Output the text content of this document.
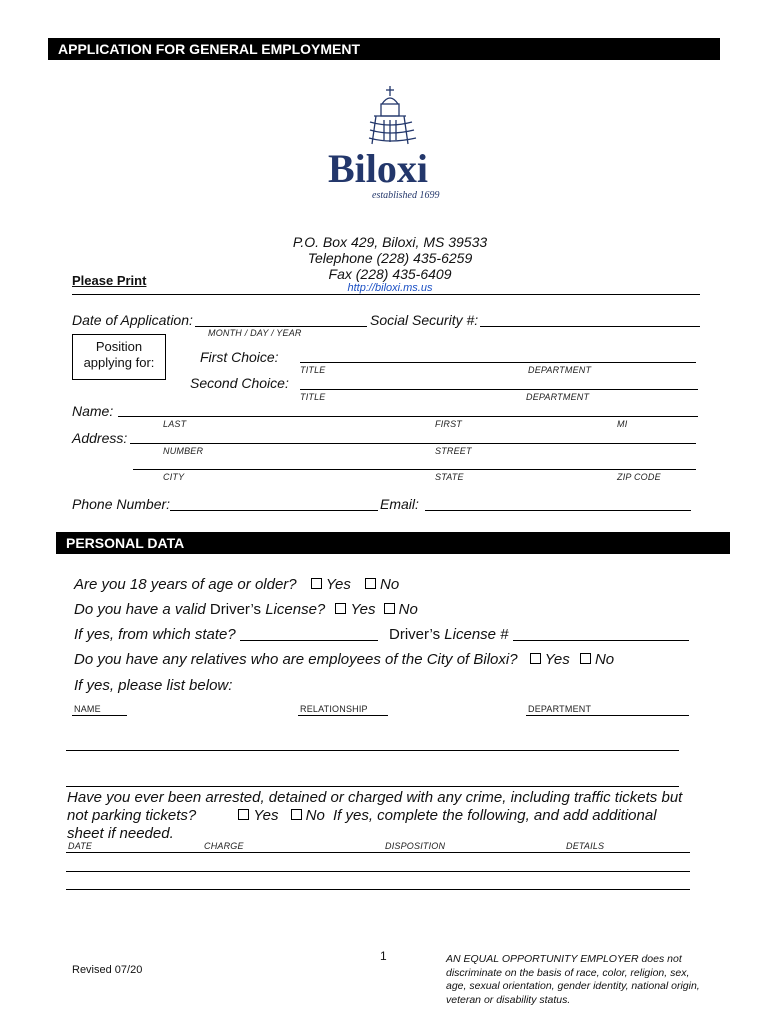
APPLICATION FOR GENERAL EMPLOYMENT
Biloxi
established 1699
P.O. Box 429, Biloxi, MS 39533
Telephone (228) 435-6259
Fax (228) 435-6409
http://biloxi.ms.us
Please Print
Date of Application:
MONTH / DAY / YEAR
Social Security #:
Position
applying for:	First Choice:
TITLE	DEPARTMENT
Second Choice:
TITLE	DEPARTMENT
Name:
LAST	FIRST	MI
Address:
NUMBER	STREET
CITY	STATE	ZIP CODE
Phone Number:	Email:
PERSONAL DATA
Are you 18 years of age or older? Yes No
Do you have a valid Driver’s License? Yes No
If yes, from which state?	Driver’s License #
Do you have any relatives who are employees of the City of Biloxi? Yes No
If yes, please list below:
NAME	RELATIONSHIP	DEPARTMENT
Have you ever been arrested, detained or charged with any crime, including traffic tickets but
not parking tickets?	Yes No If yes, complete the following, and add additional
sheet if needed.
DATE	CHARGE	DISPOSITION	DETAILS
Revised 07/20
1	AN EQUAL OPPORTUNITY EMPLOYER does not
discriminate on the basis of race, color, religion, sex,
age, sexual orientation, gender identity, national origin,
veteran or disability status.
